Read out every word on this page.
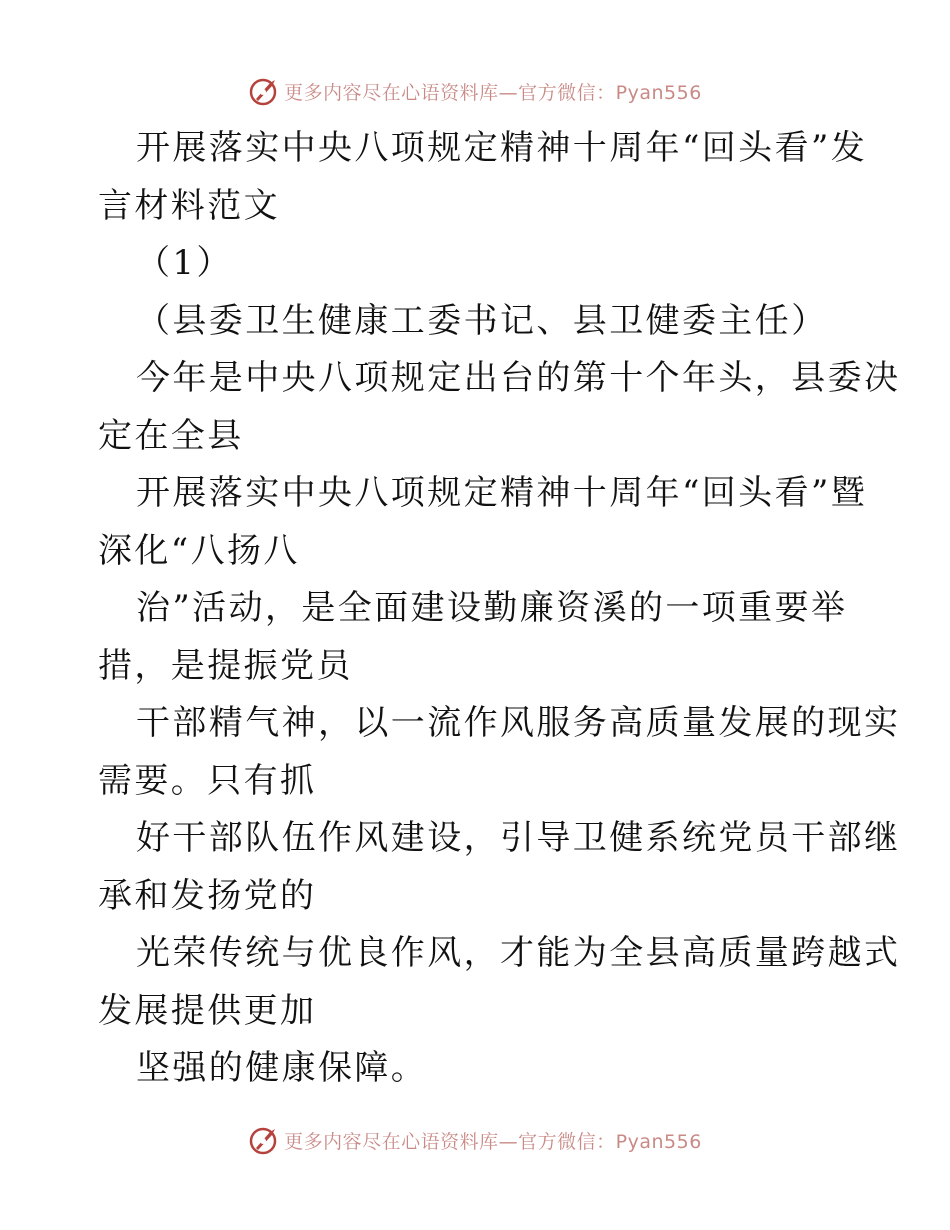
更多内容尽在心语资料库—官方微信：Pyan556
开展落实中央八项规定精神十周年“回头看”发
言材料范文
（1）
（县委卫生健康工委书记、县卫健委主任）
今年是中央八项规定出台的第十个年头，县委决
定在全县
开展落实中央八项规定精神十周年“回头看”暨
深化“八扬八
治”活动，是全面建设勤廉资溪的一项重要举
措，是提振党员
干部精气神，以一流作风服务高质量发展的现实
需要。只有抓
好干部队伍作风建设，引导卫健系统党员干部继
承和发扬党的
光荣传统与优良作风，才能为全县高质量跨越式
发展提供更加
坚强的健康保障。
更多内容尽在心语资料库—官方微信：Pyan556
